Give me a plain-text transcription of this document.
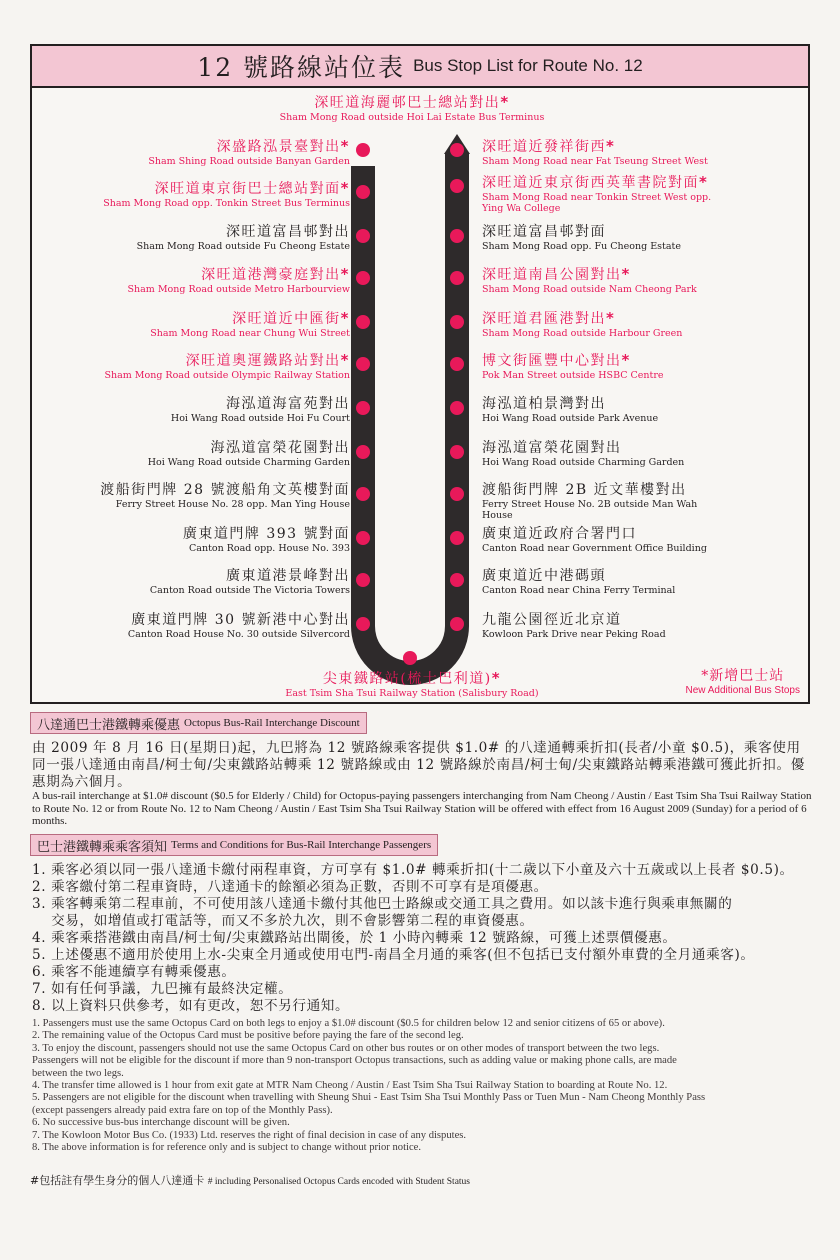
12 號路線站位表 Bus Stop List for Route No. 12
深旺道海麗邨巴士總站對出*
Sham Mong Road outside Hoi Lai Estate Bus Terminus
尖東鐵路站(梳士巴利道)*
East Tsim Sha Tsui Railway Station (Salisbury Road)
*新增巴士站
New Additional Bus Stops
深盛路泓景臺對出*
Sham Shing Road outside Banyan Garden
深旺道東京街巴士總站對面*
Sham Mong Road opp. Tonkin Street Bus Terminus
深旺道富昌邨對出
Sham Mong Road outside Fu Cheong Estate
深旺道港灣豪庭對出*
Sham Mong Road outside Metro Harbourview
深旺道近中匯街*
Sham Mong Road near Chung Wui Street
深旺道奧運鐵路站對出*
Sham Mong Road outside Olympic Railway Station
海泓道海富苑對出
Hoi Wang Road outside Hoi Fu Court
海泓道富榮花園對出
Hoi Wang Road outside Charming Garden
渡船街門牌 28 號渡船角文英樓對面
Ferry Street House No. 28 opp. Man Ying House
廣東道門牌 393 號對面
Canton Road opp. House No. 393
廣東道港景峰對出
Canton Road outside The Victoria Towers
廣東道門牌 30 號新港中心對出
Canton Road House No. 30 outside Silvercord
深旺道近發祥街西*
Sham Mong Road near Fat Tseung Street West
深旺道近東京街西英華書院對面*
Sham Mong Road near Tonkin Street West opp. Ying Wa College
深旺道富昌邨對面
Sham Mong Road opp. Fu Cheong Estate
深旺道南昌公園對出*
Sham Mong Road outside Nam Cheong Park
深旺道君匯港對出*
Sham Mong Road outside Harbour Green
博文街匯豐中心對出*
Pok Man Street outside HSBC Centre
海泓道柏景灣對出
Hoi Wang Road outside Park Avenue
海泓道富榮花園對出
Hoi Wang Road outside Charming Garden
渡船街門牌 2B 近文華樓對出
Ferry Street House No. 2B outside Man Wah House
廣東道近政府合署門口
Canton Road near Government Office Building
廣東道近中港碼頭
Canton Road near China Ferry Terminal
九龍公園徑近北京道
Kowloon Park Drive near Peking Road
八達通巴士港鐵轉乘優惠 Octopus Bus-Rail Interchange Discount
由 2009 年 8 月 16 日(星期日)起，九巴將為 12 號路線乘客提供 $1.0# 的八達通轉乘折扣(長者/小童 $0.5)，乘客使用同一張八達通由南昌/柯士甸/尖東鐵路站轉乘 12 號路線或由 12 號路線於南昌/柯士甸/尖東鐵路站轉乘港鐵可獲此折扣。優惠期為六個月。
A bus-rail interchange at $1.0# discount ($0.5 for Elderly / Child) for Octopus-paying passengers interchanging from Nam Cheong / Austin / East Tsim Sha Tsui Railway Station to Route No. 12 or from Route No. 12 to Nam Cheong / Austin / East Tsim Sha Tsui Railway Station will be offered with effect from 16 August 2009 (Sunday) for a period of 6 months.
巴士港鐵轉乘乘客須知 Terms and Conditions for Bus-Rail Interchange Passengers
1. 乘客必須以同一張八達通卡繳付兩程車資，方可享有 $1.0# 轉乘折扣(十二歲以下小童及六十五歲或以上長者 $0.5)。
2. 乘客繳付第二程車資時，八達通卡的餘額必須為正數，否則不可享有是項優惠。
3. 乘客轉乘第二程車前，不可使用該八達通卡繳付其他巴士路線或交通工具之費用。如以該卡進行與乘車無關的
　 交易，如增值或打電話等，而又不多於九次，則不會影響第二程的車資優惠。
4. 乘客乘搭港鐵由南昌/柯士甸/尖東鐵路站出閘後，於 1 小時內轉乘 12 號路線，可獲上述票價優惠。
5. 上述優惠不適用於使用上水-尖東全月通或使用屯門-南昌全月通的乘客(但不包括已支付額外車費的全月通乘客)。
6. 乘客不能連續享有轉乘優惠。
7. 如有任何爭議，九巴擁有最終決定權。
8. 以上資料只供參考，如有更改，恕不另行通知。
1. Passengers must use the same Octopus Card on both legs to enjoy a $1.0# discount ($0.5 for children below 12 and senior citizens of 65 or above).
2. The remaining value of the Octopus Card must be positive before paying the fare of the second leg.
3. To enjoy the discount, passengers should not use the same Octopus Card on other bus routes or on other modes of transport between the two legs.
Passengers will not be eligible for the discount if more than 9 non-transport Octopus transactions, such as adding value or making phone calls, are made
between the two legs.
4. The transfer time allowed is 1 hour from exit gate at MTR Nam Cheong / Austin / East Tsim Sha Tsui Railway Station to boarding at Route No. 12.
5. Passengers are not eligible for the discount when travelling with Sheung Shui - East Tsim Sha Tsui Monthly Pass or Tuen Mun - Nam Cheong Monthly Pass
(except passengers already paid extra fare on top of the Monthly Pass).
6. No successive bus-bus interchange discount will be given.
7. The Kowloon Motor Bus Co. (1933) Ltd. reserves the right of final decision in case of any disputes.
8. The above information is for reference only and is subject to change without prior notice.
#包括註有學生身分的個人八達通卡 # including Personalised Octopus Cards encoded with Student Status
